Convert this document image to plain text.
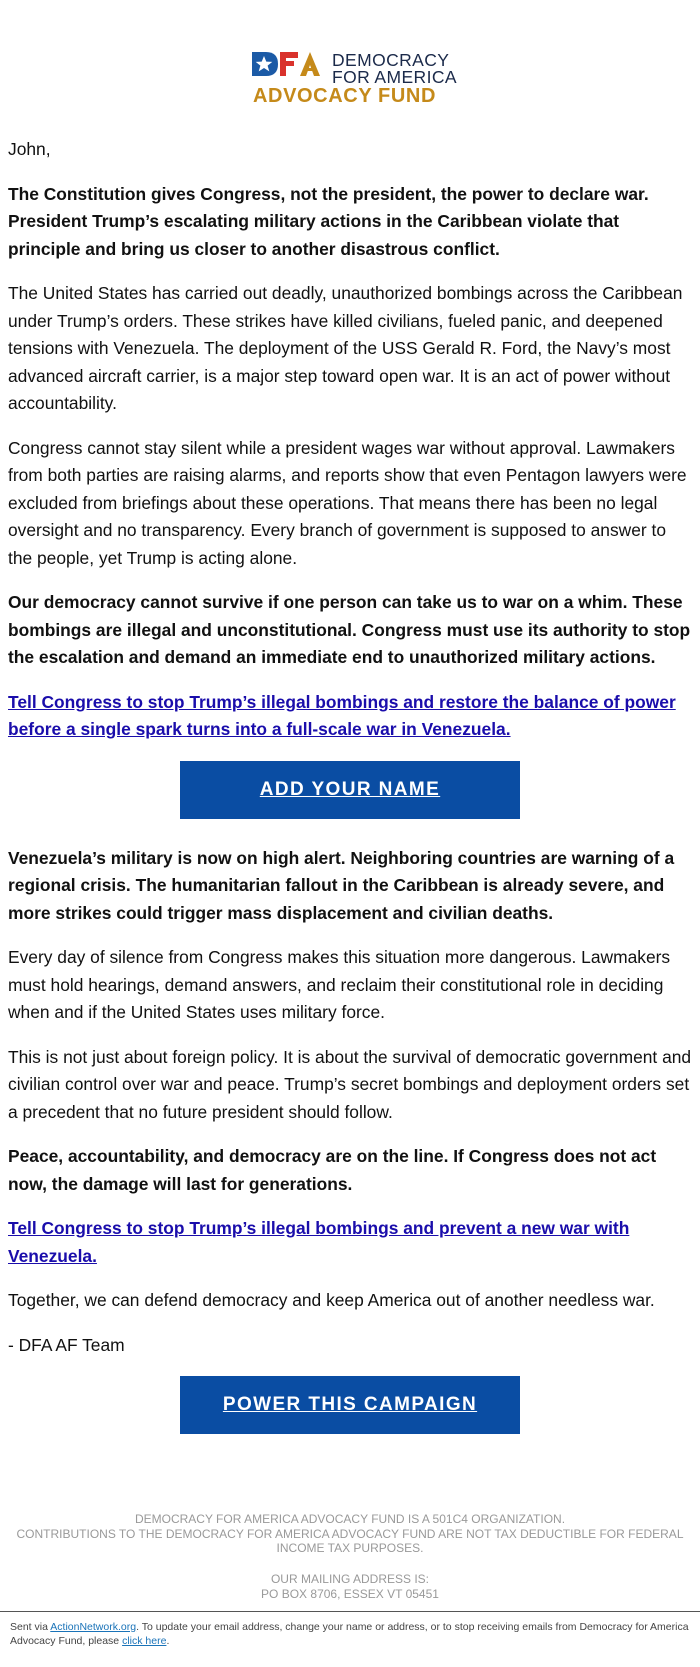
DEMOCRACY
FOR AMERICA
ADVOCACY FUND
John,
The Constitution gives Congress, not the president, the power to declare war. President Trump’s escalating military actions in the Caribbean violate that principle and bring us closer to another disastrous conflict.
The United States has carried out deadly, unauthorized bombings across the Caribbean under Trump’s orders. These strikes have killed civilians, fueled panic, and deepened tensions with Venezuela. The deployment of the USS Gerald R. Ford, the Navy’s most advanced aircraft carrier, is a major step toward open war. It is an act of power without accountability.
Congress cannot stay silent while a president wages war without approval. Lawmakers from both parties are raising alarms, and reports show that even Pentagon lawyers were excluded from briefings about these operations. That means there has been no legal oversight and no transparency. Every branch of government is supposed to answer to the people, yet Trump is acting alone.
Our democracy cannot survive if one person can take us to war on a whim. These bombings are illegal and unconstitutional. Congress must use its authority to stop the escalation and demand an immediate end to unauthorized military actions.
Tell Congress to stop Trump’s illegal bombings and restore the balance of power before a single spark turns into a full-scale war in Venezuela.
ADD YOUR NAME
Venezuela’s military is now on high alert. Neighboring countries are warning of a regional crisis. The humanitarian fallout in the Caribbean is already severe, and more strikes could trigger mass displacement and civilian deaths.
Every day of silence from Congress makes this situation more dangerous. Lawmakers must hold hearings, demand answers, and reclaim their constitutional role in deciding when and if the United States uses military force.
This is not just about foreign policy. It is about the survival of democratic government and civilian control over war and peace. Trump’s secret bombings and deployment orders set a precedent that no future president should follow.
Peace, accountability, and democracy are on the line. If Congress does not act now, the damage will last for generations.
Tell Congress to stop Trump’s illegal bombings and prevent a new war with Venezuela.
Together, we can defend democracy and keep America out of another needless war.
- DFA AF Team
POWER THIS CAMPAIGN
DEMOCRACY FOR AMERICA ADVOCACY FUND IS A 501C4 ORGANIZATION.
CONTRIBUTIONS TO THE DEMOCRACY FOR AMERICA ADVOCACY FUND ARE NOT TAX DEDUCTIBLE FOR FEDERAL INCOME TAX PURPOSES.
OUR MAILING ADDRESS IS:
PO BOX 8706, ESSEX VT 05451
Sent via ActionNetwork.org. To update your email address, change your name or address, or to stop receiving emails from Democracy for America Advocacy Fund, please click here.
